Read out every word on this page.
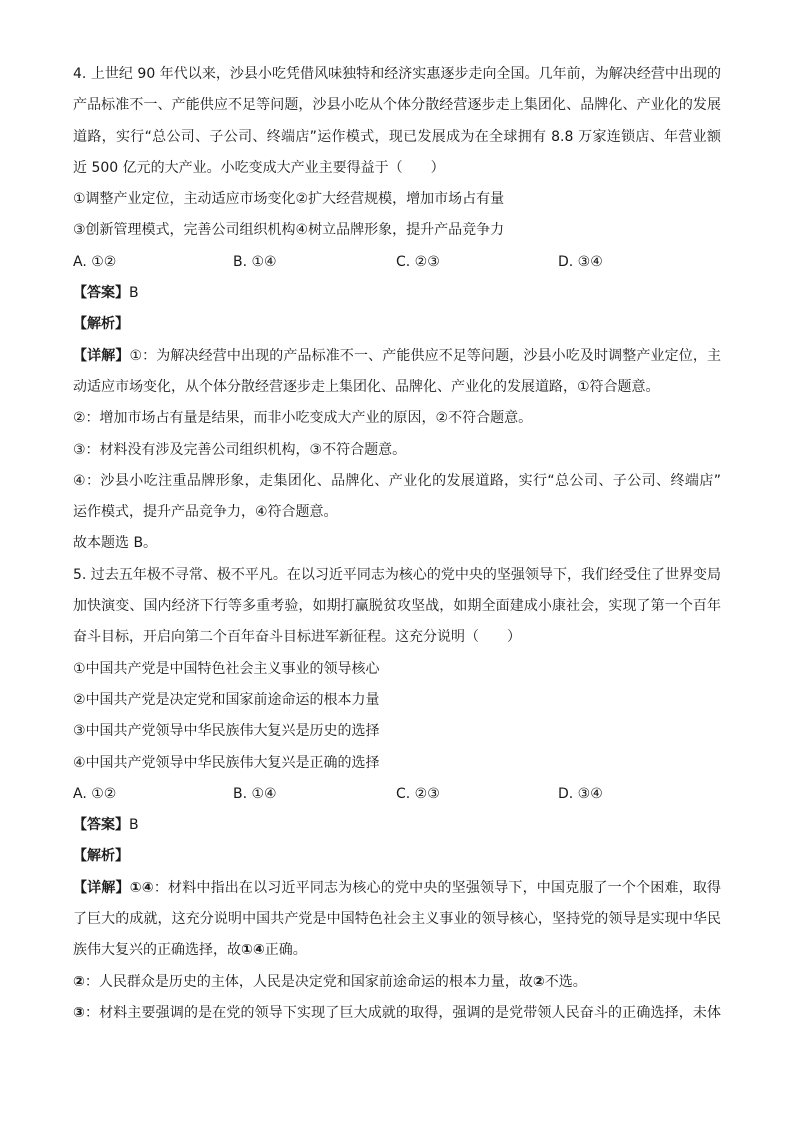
4. 上世纪 90 年代以来，沙县小吃凭借风味独特和经济实惠逐步走向全国。几年前，为解决经营中出现的
产品标准不一、产能供应不足等问题，沙县小吃从个体分散经营逐步走上集团化、品牌化、产业化的发展
道路，实行“总公司、子公司、终端店”运作模式，现已发展成为在全球拥有 8.8 万家连锁店、年营业额
近 500 亿元的大产业。小吃变成大产业主要得益于（　　）
①调整产业定位，主动适应市场变化②扩大经营规模，增加市场占有量
③创新管理模式，完善公司组织机构④树立品牌形象，提升产品竞争力
A. ①②	B. ①④	C. ②③	D. ③④
【答案】B
【解析】
【详解】①：为解决经营中出现的产品标准不一、产能供应不足等问题，沙县小吃及时调整产业定位，主
动适应市场变化，从个体分散经营逐步走上集团化、品牌化、产业化的发展道路，①符合题意。
②：增加市场占有量是结果，而非小吃变成大产业的原因，②不符合题意。
③：材料没有涉及完善公司组织机构，③不符合题意。
④：沙县小吃注重品牌形象，走集团化、品牌化、产业化的发展道路，实行“总公司、子公司、终端店”
运作模式，提升产品竞争力，④符合题意。
故本题选 B。
5. 过去五年极不寻常、极不平凡。在以习近平同志为核心的党中央的坚强领导下，我们经受住了世界变局
加快演变、国内经济下行等多重考验，如期打赢脱贫攻坚战，如期全面建成小康社会，实现了第一个百年
奋斗目标，开启向第二个百年奋斗目标进军新征程。这充分说明（　　）
①中国共产党是中国特色社会主义事业的领导核心
②中国共产党是决定党和国家前途命运的根本力量
③中国共产党领导中华民族伟大复兴是历史的选择
④中国共产党领导中华民族伟大复兴是正确的选择
A. ①②	B. ①④	C. ②③	D. ③④
【答案】B
【解析】
【详解】①④：材料中指出在以习近平同志为核心的党中央的坚强领导下，中国克服了一个个困难，取得
了巨大的成就，这充分说明中国共产党是中国特色社会主义事业的领导核心，坚持党的领导是实现中华民
族伟大复兴的正确选择，故①④正确。
②：人民群众是历史的主体，人民是决定党和国家前途命运的根本力量，故②不选。
③：材料主要强调的是在党的领导下实现了巨大成就的取得，强调的是党带领人民奋斗的正确选择，未体
